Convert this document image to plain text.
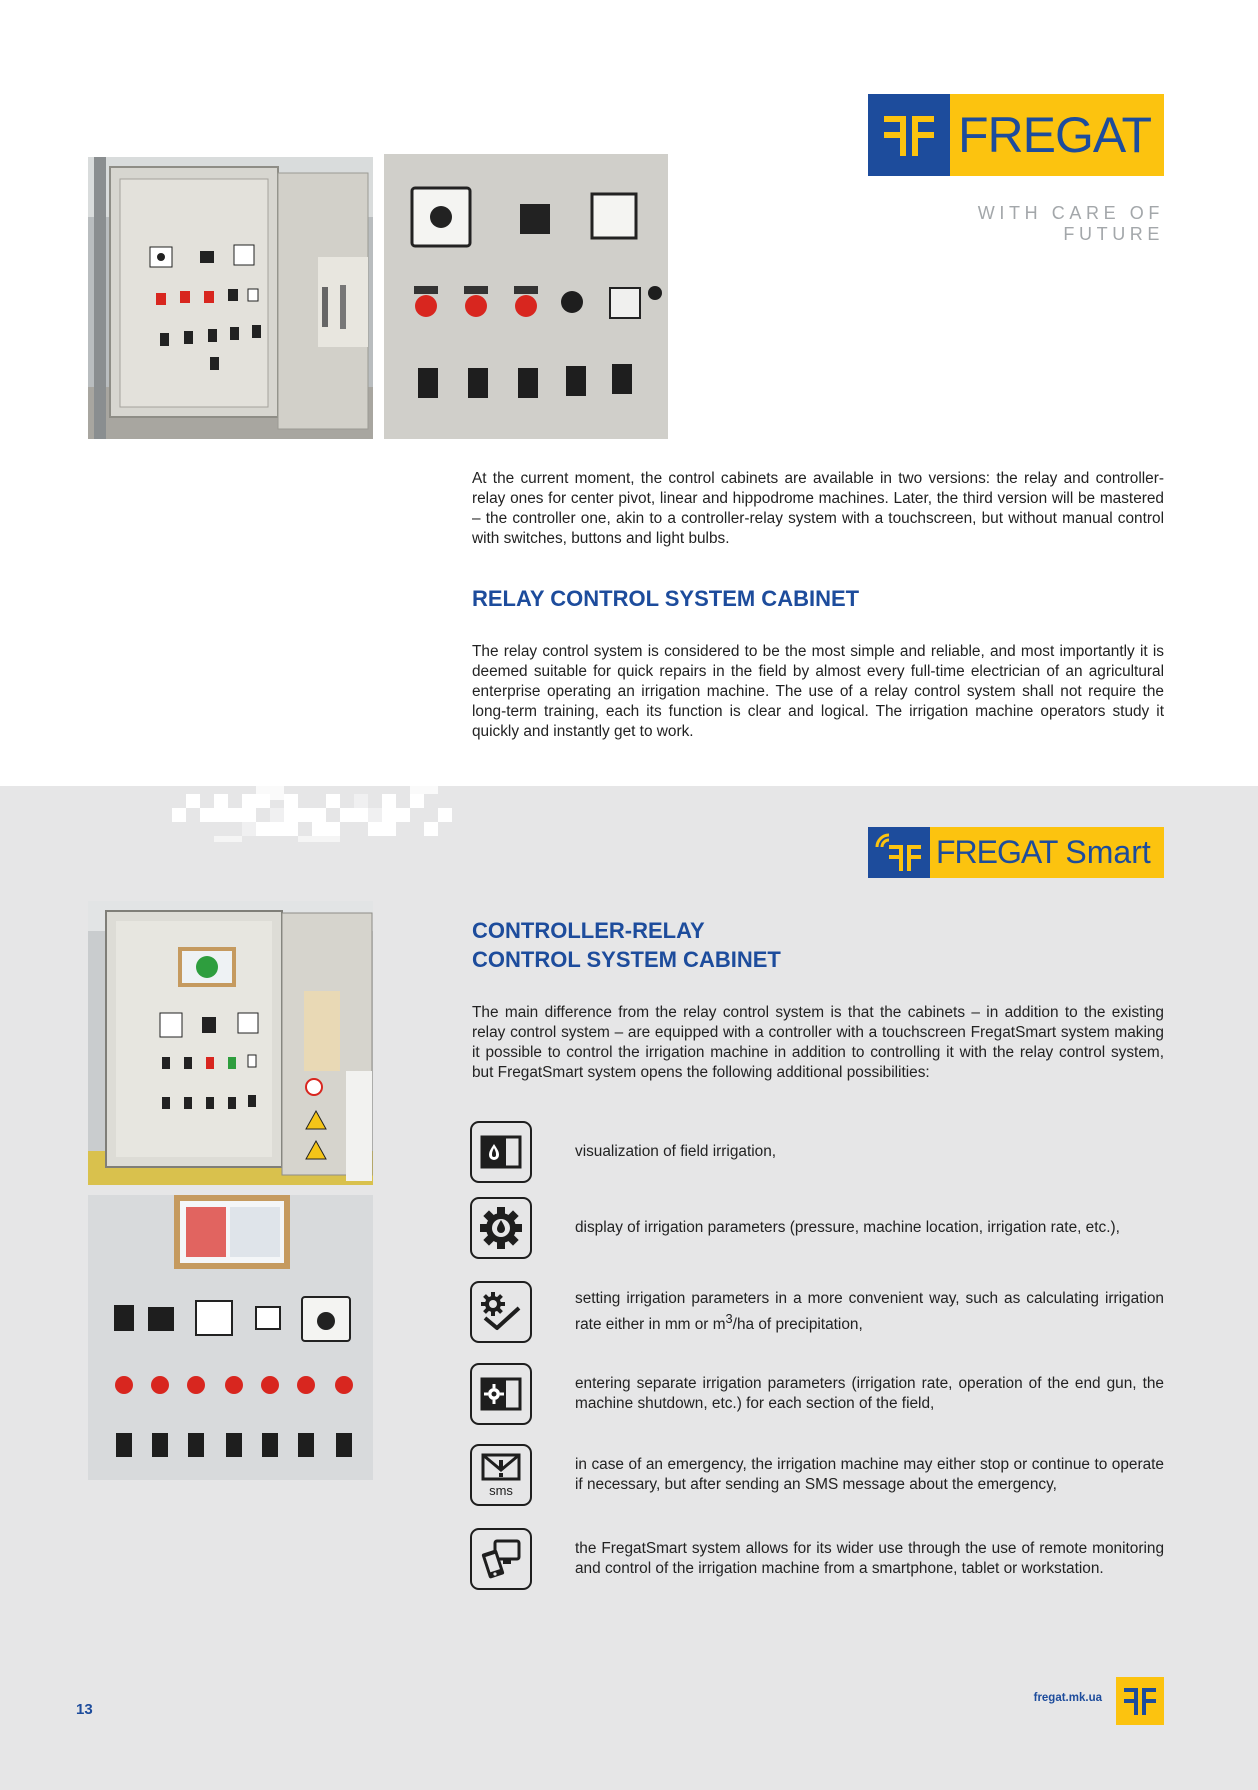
FREGAT
WITH CARE OF FUTURE
At the current moment, the control cabinets are available in two versions: the relay and controller-relay ones for center pivot, linear and hippodrome machines. Later, the third version will be mastered – the controller one, akin to a controller-relay system with a touchscreen, but without manual control with switches, buttons and light bulbs.
RELAY CONTROL SYSTEM CABINET
The relay control system is considered to be the most simple and reliable, and most importantly it is deemed suitable for quick repairs in the field by almost every full-time electrician of an agricultural enterprise operating an irrigation machine. The use of a relay control system shall not require the long-term training, each its function is clear and logical. The irrigation machine operators study it quickly and instantly get to work.
FREGAT Smart
CONTROLLER-RELAY
CONTROL SYSTEM CABINET
The main difference from the relay control system is that the cabinets – in addition to the existing relay control system – are equipped with a controller with a touchscreen FregatSmart system making it possible to control the irrigation machine in addition to controlling it with the relay control system, but FregatSmart system opens the following additional possibilities:
visualization of field irrigation,
display of irrigation parameters (pressure, machine location, irrigation rate, etc.),
setting irrigation parameters in a more convenient way, such as calculating irrigation rate either in mm or $m^3/ha$ of precipitation,
entering separate irrigation parameters (irrigation rate, operation of the end gun, the machine shutdown, etc.) for each section of the field,
sms
in case of an emergency, the irrigation machine may either stop or continue to operate if necessary, but after sending an SMS message about the emergency,
the FregatSmart system allows for its wider use through the use of remote monitoring and control of the irrigation machine from a smartphone, tablet or workstation.
13
fregat.mk.ua
